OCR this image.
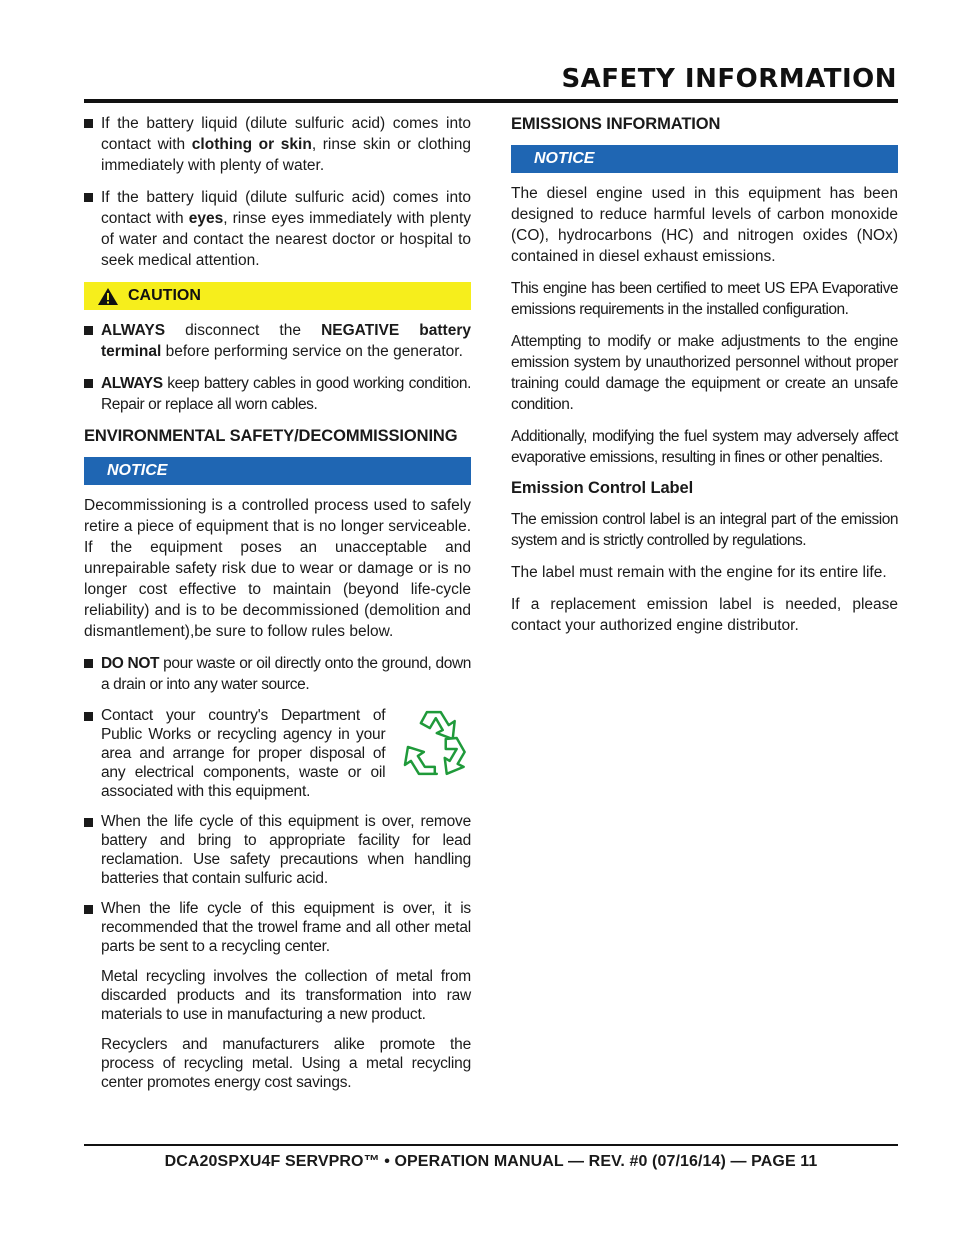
SAFETY INFORMATION

If the battery liquid (dilute sulfuric acid) comes into contact with clothing or skin, rinse skin or clothing immediately with plenty of water.

If the battery liquid (dilute sulfuric acid) comes into contact with eyes, rinse eyes immediately with plenty of water and contact the nearest doctor or hospital to seek medical attention.

CAUTION

ALWAYS disconnect the NEGATIVE battery terminal before performing service on the generator.

ALWAYS keep battery cables in good working condition. Repair or replace all worn cables.

ENVIRONMENTAL SAFETY/DECOMMISSIONING
NOTICE

Decommissioning is a controlled process used to safely retire a piece of equipment that is no longer serviceable. If the equipment poses an unacceptable and unrepairable safety risk due to wear or damage or is no longer cost effective to maintain (beyond life-cycle reliability) and is to be decommissioned (demolition and dismantlement),be sure to follow rules below.

DO NOT pour waste or oil directly onto the ground, down a drain or into any water source.

Contact your country's Department of Public Works or recycling agency in your area and arrange for proper disposal of any electrical components, waste or oil associated with this equipment.

When the life cycle of this equipment is over, remove battery and bring to appropriate facility for lead reclamation. Use safety precautions when handling batteries that contain sulfuric acid.

When the life cycle of this equipment is over, it is recommended that the trowel frame and all other metal parts be sent to a recycling center.

Metal recycling involves the collection of metal from discarded products and its transformation into raw materials to use in manufacturing a new product.

Recyclers and manufacturers alike promote the process of recycling metal. Using a metal recycling center promotes energy cost savings.

EMISSIONS INFORMATION
NOTICE

The diesel engine used in this equipment has been designed to reduce harmful levels of carbon monoxide (CO), hydrocarbons (HC) and nitrogen oxides (NOx) contained in diesel exhaust emissions.

This engine has been certified to meet US EPA Evaporative emissions requirements in the installed configuration.

Attempting to modify or make adjustments to the engine emission system by unauthorized personnel without proper training could damage the equipment or create an unsafe condition.

Additionally, modifying the fuel system may adversely affect evaporative emissions, resulting in fines or other penalties.

Emission Control Label

The emission control label is an integral part of the emission system and is strictly controlled by regulations.

The label must remain with the engine for its entire life.

If a replacement emission label is needed, please contact your authorized engine distributor.

DCA20SPXU4F SERVPRO™ • OPERATION MANUAL — REV. #0 (07/16/14) — PAGE 11
